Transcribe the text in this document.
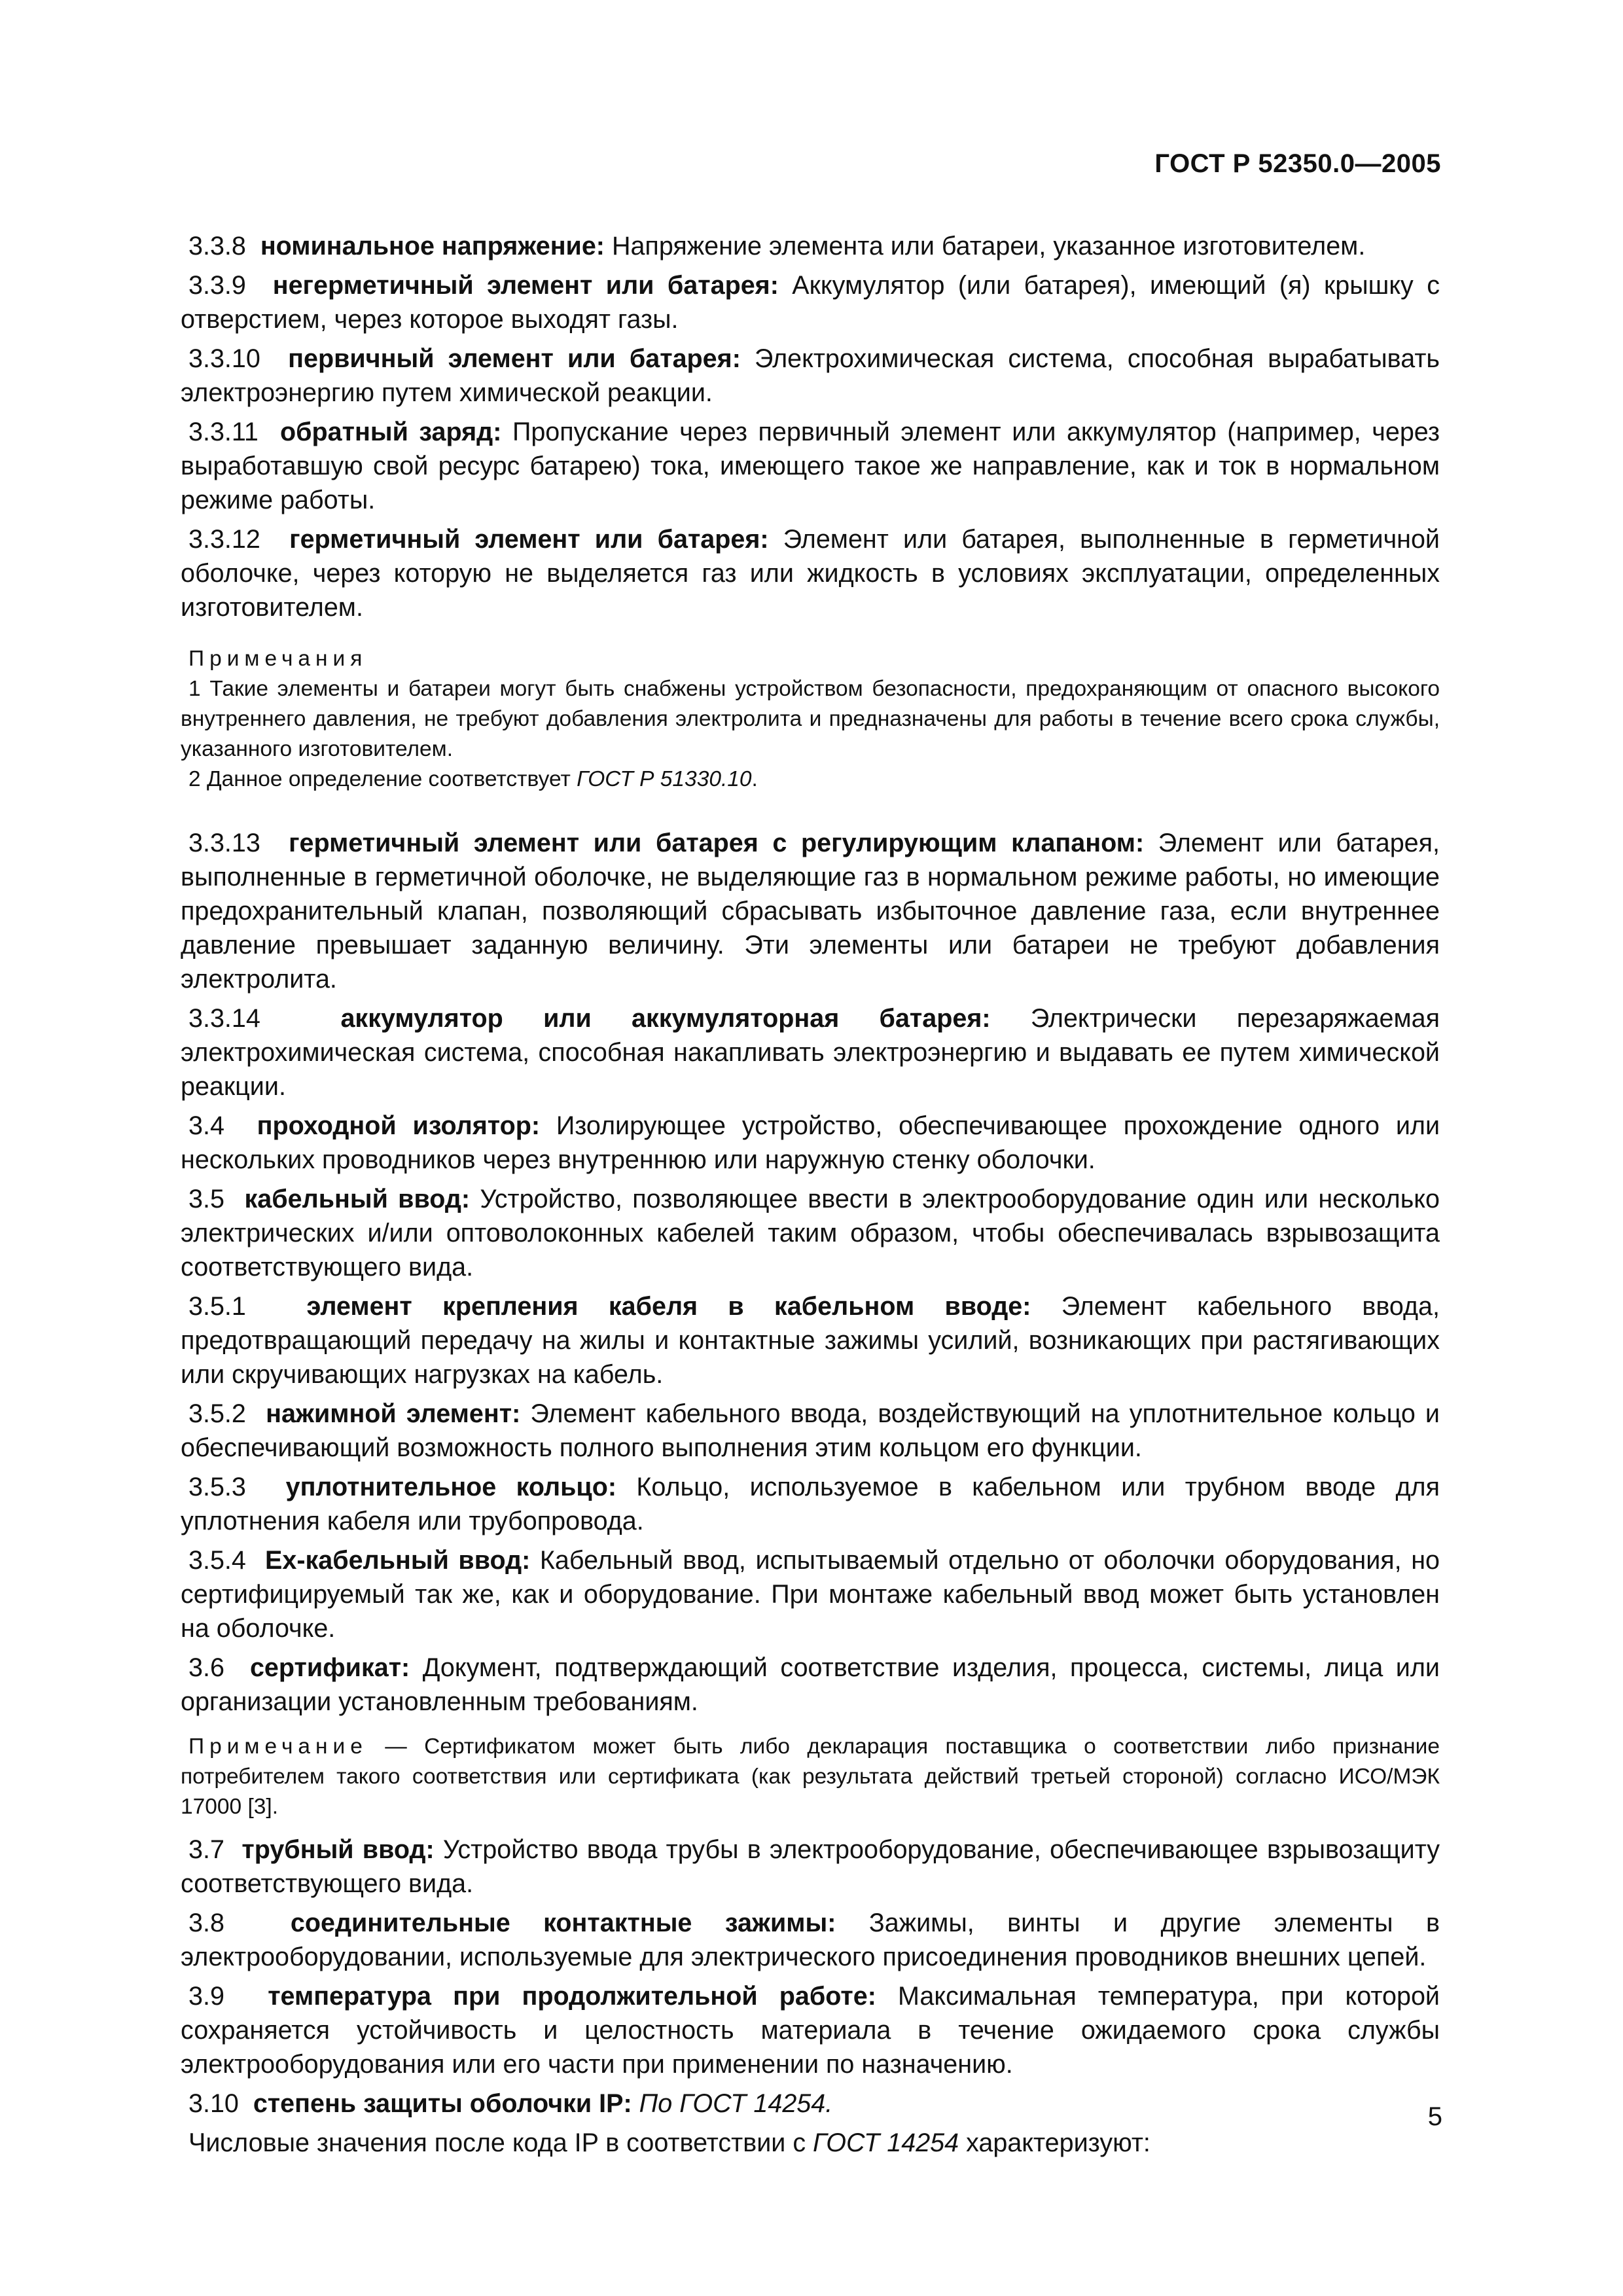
ГОСТ Р 52350.0—2005

3.3.8 номинальное напряжение: Напряжение элемента или батареи, указанное изготовителем.

3.3.9 негерметичный элемент или батарея: Аккумулятор (или батарея), имеющий (я) крышку с отверстием, через которое выходят газы.

3.3.10 первичный элемент или батарея: Электрохимическая система, способная вырабатывать электроэнергию путем химической реакции.

3.3.11 обратный заряд: Пропускание через первичный элемент или аккумулятор (например, через выработавшую свой ресурс батарею) тока, имеющего такое же направление, как и ток в нормальном режиме работы.

3.3.12 герметичный элемент или батарея: Элемент или батарея, выполненные в герметичной оболочке, через которую не выделяется газ или жидкость в условиях эксплуатации, определенных изготовителем.

Примечания

1 Такие элементы и батареи могут быть снабжены устройством безопасности, предохраняющим от опасного высокого внутреннего давления, не требуют добавления электролита и предназначены для работы в течение всего срока службы, указанного изготовителем.

2 Данное определение соответствует ГОСТ Р 51330.10.

3.3.13 герметичный элемент или батарея с регулирующим клапаном: Элемент или батарея, выполненные в герметичной оболочке, не выделяющие газ в нормальном режиме работы, но имеющие предохранительный клапан, позволяющий сбрасывать избыточное давление газа, если внутреннее давление превышает заданную величину. Эти элементы или батареи не требуют добавления электролита.

3.3.14	аккумулятор или аккумуляторная батарея: Электрически перезаряжаемая электрохимическая система, способная накапливать электроэнергию и выдавать ее путем химической реакции.

3.4 проходной изолятор: Изолирующее устройство, обеспечивающее прохождение одного или нескольких проводников через внутреннюю или наружную стенку оболочки.

3.5 кабельный ввод: Устройство, позволяющее ввести в электрооборудование один или несколько электрических и/или оптоволоконных кабелей таким образом, чтобы обеспечивалась взрывозащита соответствующего вида.

3.5.1 элемент крепления кабеля в кабельном вводе: Элемент кабельного ввода, предотвращающий передачу на жилы и контактные зажимы усилий, возникающих при растягивающих или скручивающих нагрузках на кабель.

3.5.2 нажимной элемент: Элемент кабельного ввода, воздействующий на уплотнительное кольцо и обеспечивающий возможность полного выполнения этим кольцом его функции.

3.5.3 уплотнительное кольцо: Кольцо, используемое в кабельном или трубном вводе для уплотнения кабеля или трубопровода.

3.5.4 Ех-кабельный ввод: Кабельный ввод, испытываемый отдельно от оболочки оборудования, но сертифицируемый так же, как и оборудование. При монтаже кабельный ввод может быть установлен на оболочке.

3.6 сертификат: Документ, подтверждающий соответствие изделия, процесса, системы, лица или организации установленным требованиям.

Примечание — Сертификатом может быть либо декларация поставщика о соответствии либо признание потребителем такого соответствия или сертификата (как результата действий третьей стороной) согласно ИСО/МЭК 17000 [3].

3.7 трубный ввод: Устройство ввода трубы в электрооборудование, обеспечивающее взрывозащиту соответствующего вида.

3.8	соединительные контактные зажимы: Зажимы, винты и другие элементы в электрооборудовании, используемые для электрического присоединения проводников внешних цепей.

3.9 температура при продолжительной работе: Максимальная температура, при которой сохраняется устойчивость и целостность материала в течение ожидаемого срока службы электрооборудования или его части при применении по назначению.

3.10 степень защиты оболочки IP: По ГОСТ 14254.

Числовые значения после кода IP в соответствии с ГОСТ 14254 характеризуют:

5
